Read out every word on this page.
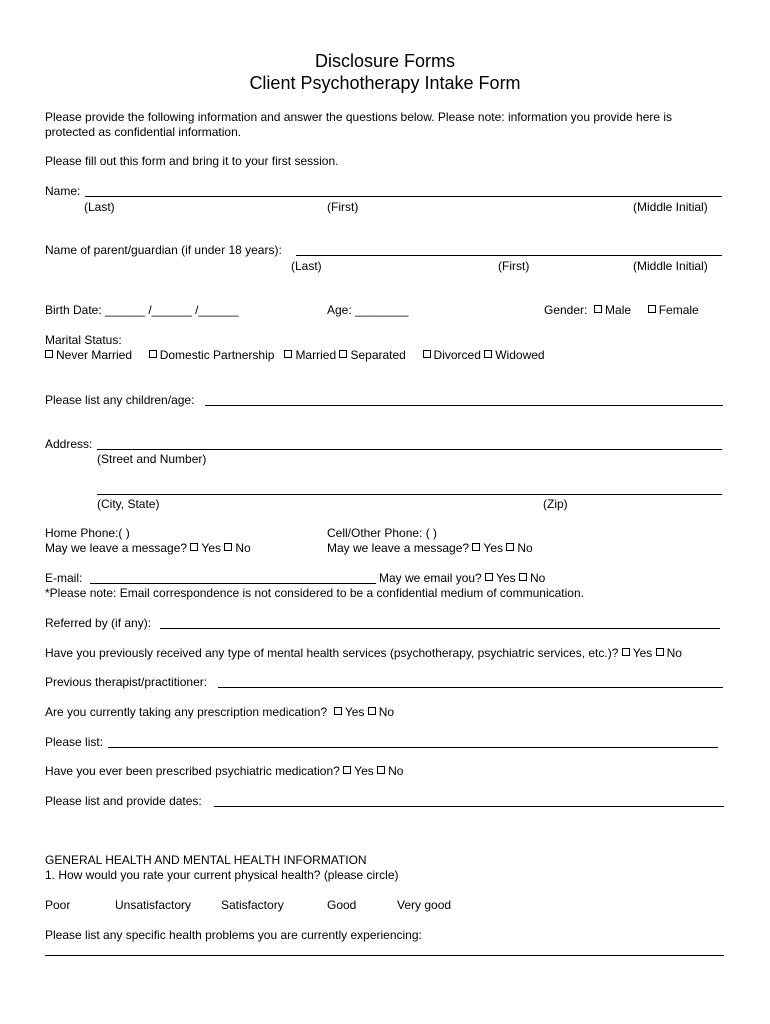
Disclosure Forms
Client Psychotherapy Intake Form
Please provide the following information and answer the questions below. Please note: information you provide here is
protected as confidential information.
Please fill out this form and bring it to your first session.
Name:
(Last)	(First)	(Middle Initial)
Name of parent/guardian (if under 18 years):
(Last)	(First)	(Middle Initial)
Birth Date: ______ /______ /______	Age: ________	Gender: Male Female
Marital Status:
Never Married Domestic Partnership Married Separated Divorced Widowed
Please list any children/age:
Address:
(Street and Number)
(City, State)	(Zip)
Home Phone:( )	Cell/Other Phone: ( )
May we leave a message? Yes No	May we leave a message? Yes No
E-mail:	May we email you? Yes No
*Please note: Email correspondence is not considered to be a confidential medium of communication.
Referred by (if any):
Have you previously received any type of mental health services (psychotherapy, psychiatric services, etc.)? Yes No
Previous therapist/practitioner:
Are you currently taking any prescription medication? Yes No
Please list:
Have you ever been prescribed psychiatric medication? Yes No
Please list and provide dates:
GENERAL HEALTH AND MENTAL HEALTH INFORMATION
1. How would you rate your current physical health? (please circle)
Poor	Unsatisfactory Satisfactory	Good	Very good
Please list any specific health problems you are currently experiencing:
